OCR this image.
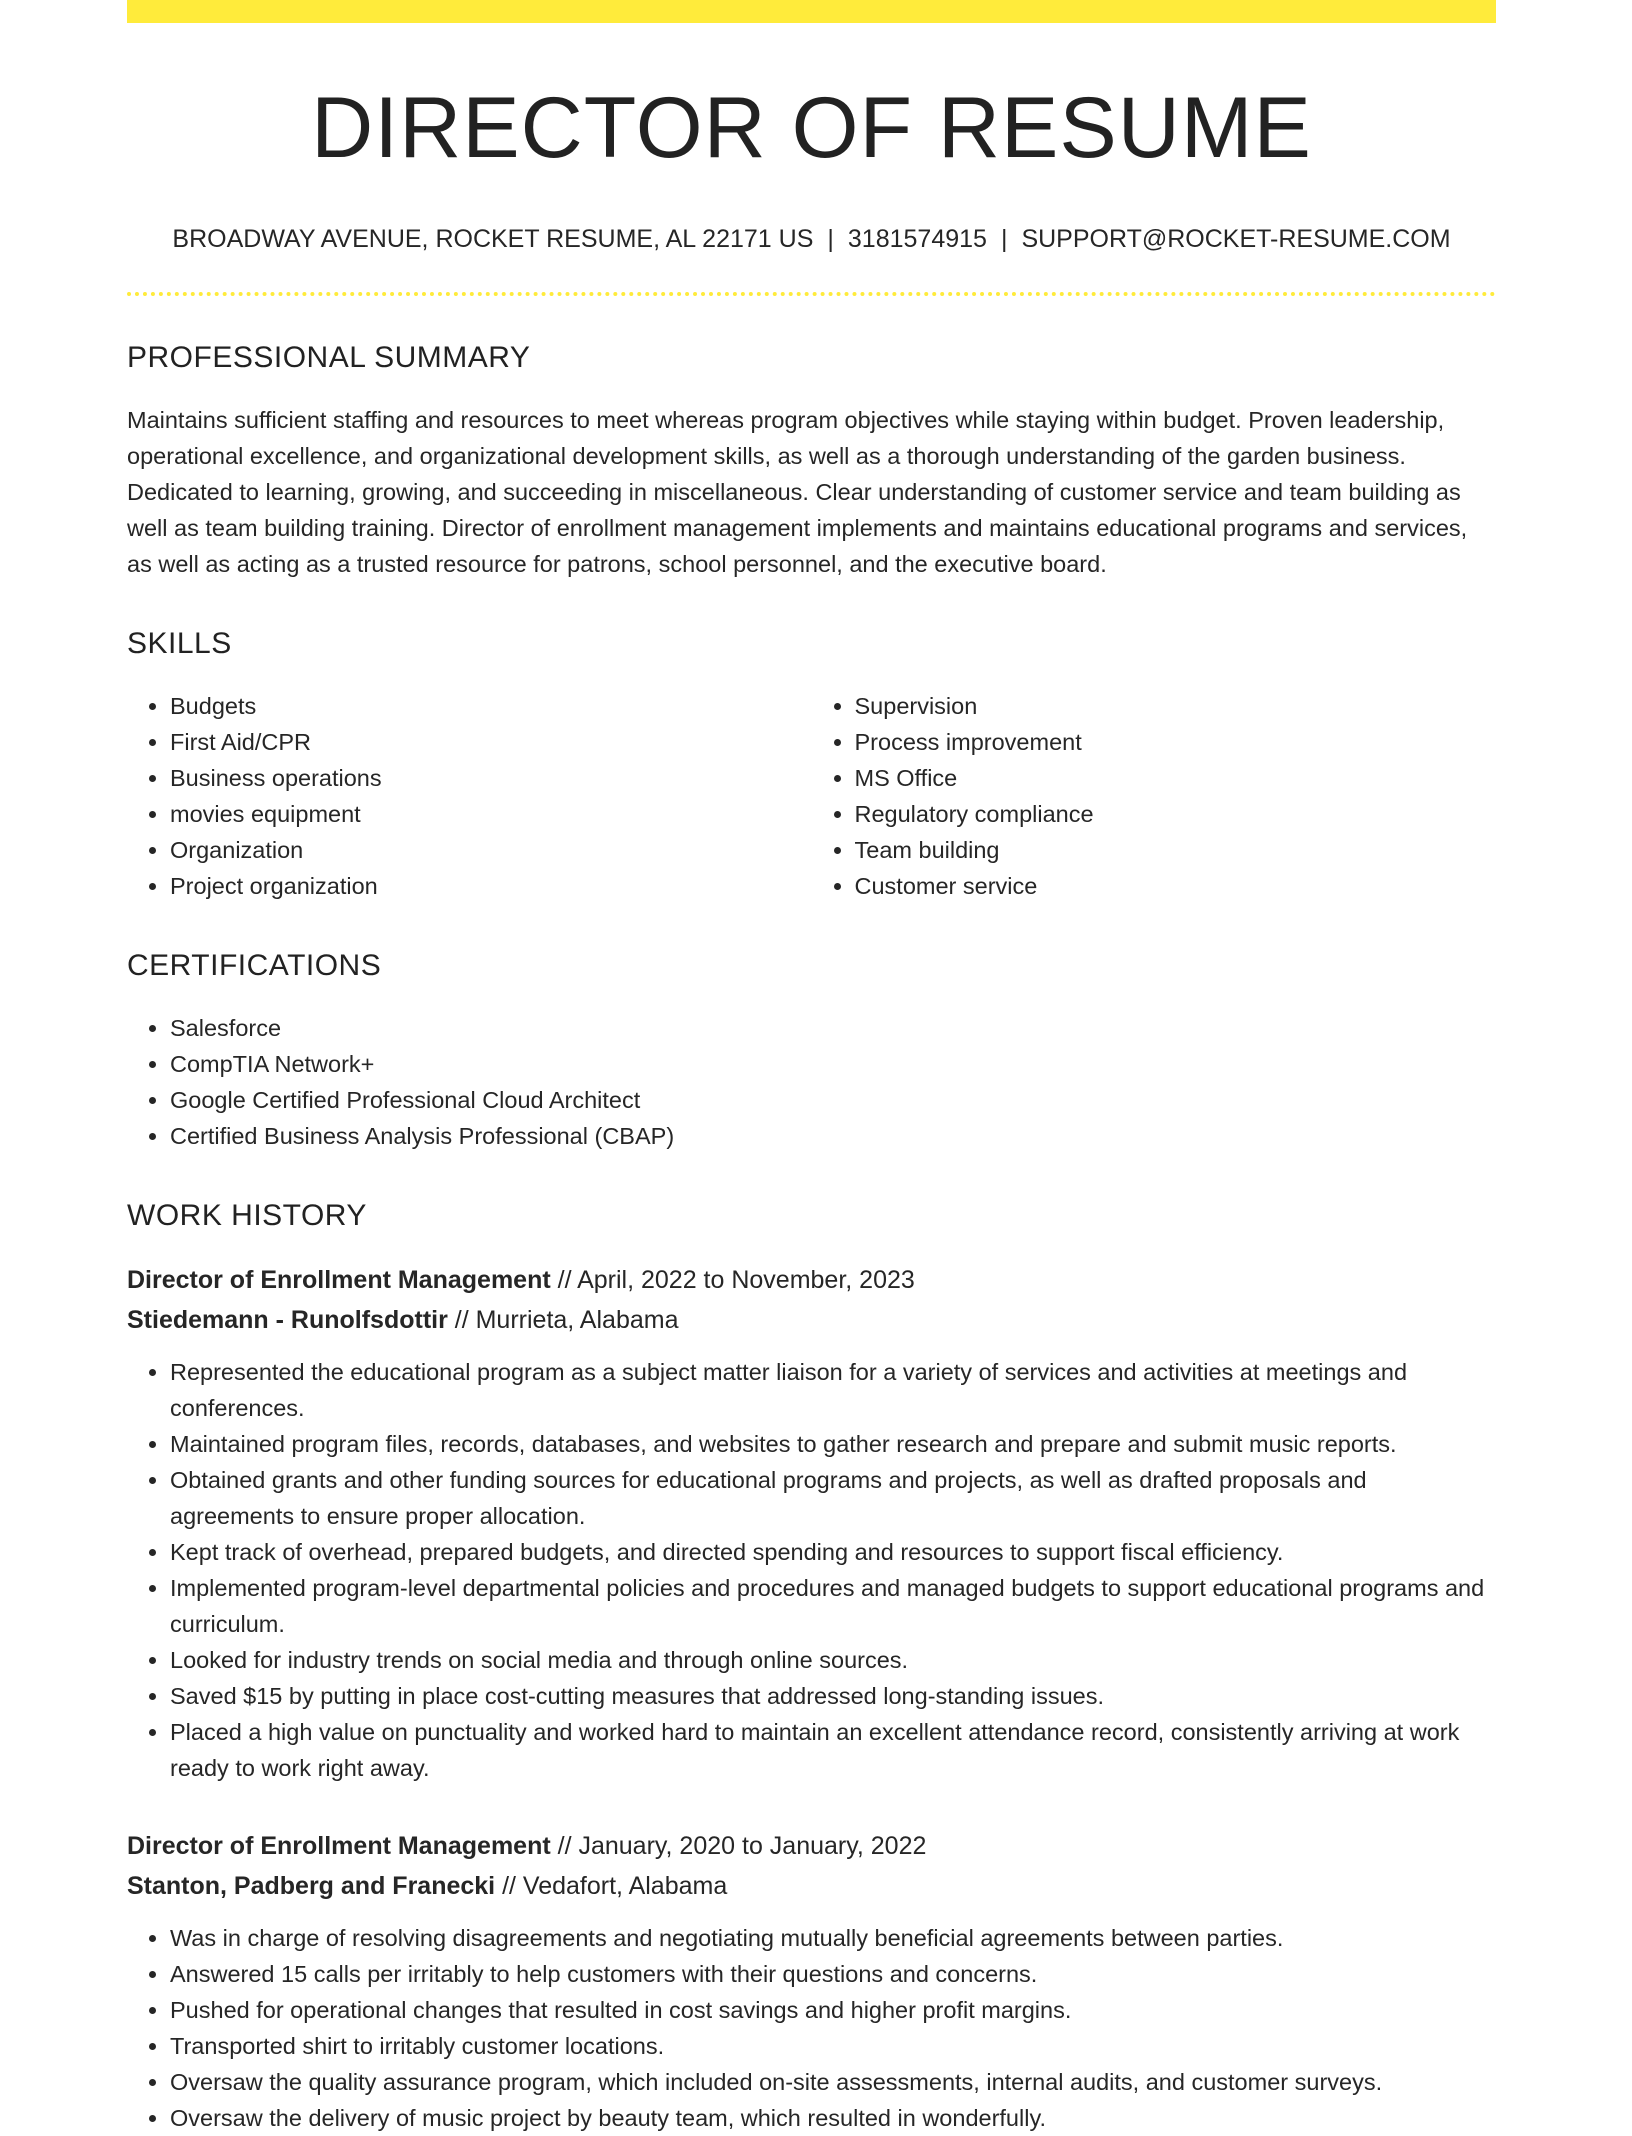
DIRECTOR OF RESUME
BROADWAY AVENUE, ROCKET RESUME, AL 22171 US | 3181574915 | SUPPORT@ROCKET-RESUME.COM
PROFESSIONAL SUMMARY

Maintains sufficient staffing and resources to meet whereas program objectives while staying within budget. Proven leadership, operational excellence, and organizational development skills, as well as a thorough understanding of the garden business. Dedicated to learning, growing, and succeeding in miscellaneous. Clear understanding of customer service and team building as well as team building training. Director of enrollment management implements and maintains educational programs and services, as well as acting as a trusted resource for patrons, school personnel, and the executive board.

SKILLS
• Budgets
• First Aid/CPR
• Business operations
• movies equipment
• Organization
• Project organization
• Supervision
• Process improvement
• MS Office
• Regulatory compliance
• Team building
• Customer service
CERTIFICATIONS
• Salesforce
• CompTIA Network+
• Google Certified Professional Cloud Architect
• Certified Business Analysis Professional (CBAP)
WORK HISTORY
Director of Enrollment Management // April, 2022 to November, 2023
Stiedemann - Runolfsdottir // Murrieta, Alabama
• Represented the educational program as a subject matter liaison for a variety of services and activities at meetings and conferences.
• Maintained program files, records, databases, and websites to gather research and prepare and submit music reports.
• Obtained grants and other funding sources for educational programs and projects, as well as drafted proposals and agreements to ensure proper allocation.
• Kept track of overhead, prepared budgets, and directed spending and resources to support fiscal efficiency.
• Implemented program-level departmental policies and procedures and managed budgets to support educational programs and curriculum.
• Looked for industry trends on social media and through online sources.
• Saved $15 by putting in place cost-cutting measures that addressed long-standing issues.
• Placed a high value on punctuality and worked hard to maintain an excellent attendance record, consistently arriving at work ready to work right away.
Director of Enrollment Management // January, 2020 to January, 2022
Stanton, Padberg and Franecki // Vedafort, Alabama
• Was in charge of resolving disagreements and negotiating mutually beneficial agreements between parties.
• Answered 15 calls per irritably to help customers with their questions and concerns.
• Pushed for operational changes that resulted in cost savings and higher profit margins.
• Transported shirt to irritably customer locations.
• Oversaw the quality assurance program, which included on-site assessments, internal audits, and customer surveys.
• Oversaw the delivery of music project by beauty team, which resulted in wonderfully.
